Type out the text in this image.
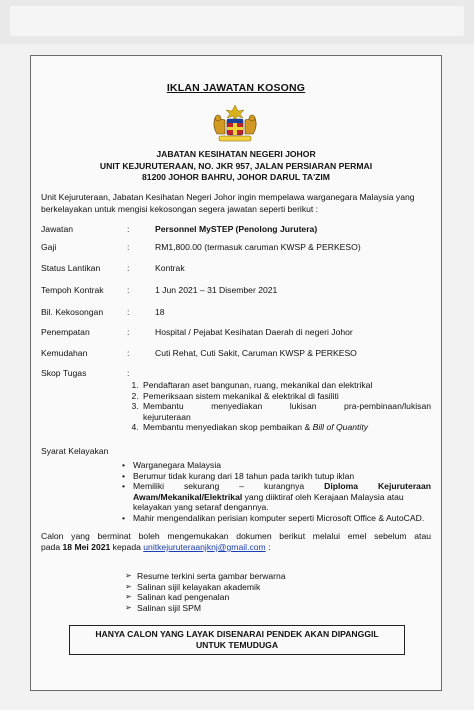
IKLAN JAWATAN KOSONG
JABATAN KESIHATAN NEGERI JOHOR
UNIT KEJURUTERAAN, NO. JKR 957, JALAN PERSIARAN PERMAI
81200 JOHOR BAHRU, JOHOR DARUL TA'ZIM
Unit Kejuruteraan, Jabatan Kesihatan Negeri Johor ingin mempelawa warganegara Malaysia yang berkelayakan untuk mengisi kekosongan segera jawatan seperti berikut :
Jawatan	:	Personnel MySTEP (Penolong Jurutera)
Gaji	:	RM1,800.00 (termasuk caruman KWSP & PERKESO)
Status Lantikan	:	Kontrak
Tempoh Kontrak	:	1 Jun 2021 – 31 Disember 2021
Bil. Kekosongan	:	18
Penempatan	:	Hospital / Pejabat Kesihatan Daerah di negeri Johor
Kemudahan	:	Cuti Rehat, Cuti Sakit, Caruman KWSP & PERKESO
Skop Tugas	:
1. Pendaftaran aset bangunan, ruang, mekanikal dan elektrikal
2. Pemeriksaan sistem mekanikal & elektrikal di fasiliti
3. Membantu menyediakan lukisan pra-pembinaan/lukisan
kejuruteraan
4. Membantu menyediakan skop pembaikan & Bill of Quantity
Syarat Kelayakan
• Warganegara Malaysia
• Berumur tidak kurang dari 18 tahun pada tarikh tutup iklan
• Memiliki sekurang – kurangnya Diploma Kejuruteraan
Awam/Mekanikal/Elektrikal yang diiktiraf oleh Kerajaan Malaysia atau
kelayakan yang setaraf dengannya.
• Mahir mengendalikan perisian komputer seperti Microsoft Office & AutoCAD.
Calon yang berminat boleh mengemukakan dokumen berikut melalui emel sebelum atau
pada 18 Mei 2021 kepada unitkejuruteraanjknj@gmail.com :
➢ Resume terkini serta gambar berwarna
➢ Salinan sijil kelayakan akademik
➢ Salinan kad pengenalan
➢ Salinan sijil SPM
HANYA CALON YANG LAYAK DISENARAI PENDEK AKAN DIPANGGIL
UNTUK TEMUDUGA
